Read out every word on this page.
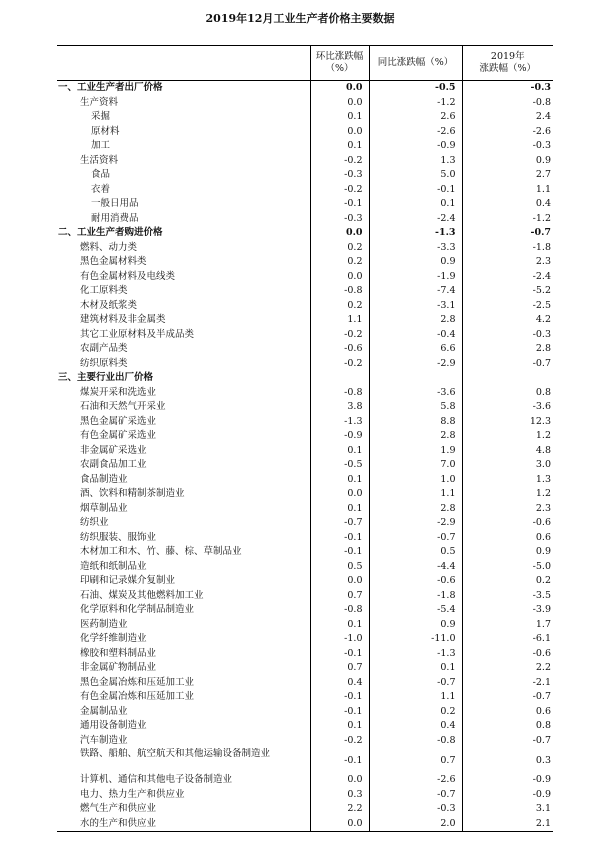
2019年12月工业生产者价格主要数据
	环比涨跌幅（%）	同比涨跌幅（%）	2019年
涨跌幅（%）

一、工业生产者出厂价格	0.0	-0.5	-0.3
生产资料	0.0	-1.2	-0.8
采掘	0.1	2.6	2.4
原材料	0.0	-2.6	-2.6
加工	0.1	-0.9	-0.3
生活资料	-0.2	1.3	0.9
食品	-0.3	5.0	2.7
衣着	-0.2	-0.1	1.1
一般日用品	-0.1	0.1	0.4
耐用消费品	-0.3	-2.4	-1.2
二、工业生产者购进价格	0.0	-1.3	-0.7
燃料、动力类	0.2	-3.3	-1.8
黑色金属材料类	0.2	0.9	2.3
有色金属材料及电线类	0.0	-1.9	-2.4
化工原料类	-0.8	-7.4	-5.2
木材及纸浆类	0.2	-3.1	-2.5
建筑材料及非金属类	1.1	2.8	4.2
其它工业原材料及半成品类	-0.2	-0.4	-0.3
农副产品类	-0.6	6.6	2.8
纺织原料类	-0.2	-2.9	-0.7
三、主要行业出厂价格			
煤炭开采和洗选业	-0.8	-3.6	0.8
石油和天然气开采业	3.8	5.8	-3.6
黑色金属矿采选业	-1.3	8.8	12.3
有色金属矿采选业	-0.9	2.8	1.2
非金属矿采选业	0.1	1.9	4.8
农副食品加工业	-0.5	7.0	3.0
食品制造业	0.1	1.0	1.3
酒、饮料和精制茶制造业	0.0	1.1	1.2
烟草制品业	0.1	2.8	2.3
纺织业	-0.7	-2.9	-0.6
纺织服装、服饰业	-0.1	-0.7	0.6
木材加工和木、竹、藤、棕、草制品业	-0.1	0.5	0.9
造纸和纸制品业	0.5	-4.4	-5.0
印刷和记录媒介复制业	0.0	-0.6	0.2
石油、煤炭及其他燃料加工业	0.7	-1.8	-3.5
化学原料和化学制品制造业	-0.8	-5.4	-3.9
医药制造业	0.1	0.9	1.7
化学纤维制造业	-1.0	-11.0	-6.1
橡胶和塑料制品业	-0.1	-1.3	-0.6
非金属矿物制品业	0.7	0.1	2.2
黑色金属冶炼和压延加工业	0.4	-0.7	-2.1
有色金属冶炼和压延加工业	-0.1	1.1	-0.7
金属制品业	-0.1	0.2	0.6
通用设备制造业	0.1	0.4	0.8
汽车制造业	-0.2	-0.8	-0.7
铁路、船舶、航空航天和其他运输设备制造业	-0.1	0.7	0.3
计算机、通信和其他电子设备制造业	0.0	-2.6	-0.9
电力、热力生产和供应业	0.3	-0.7	-0.9
燃气生产和供应业	2.2	-0.3	3.1
水的生产和供应业	0.0	2.0	2.1
